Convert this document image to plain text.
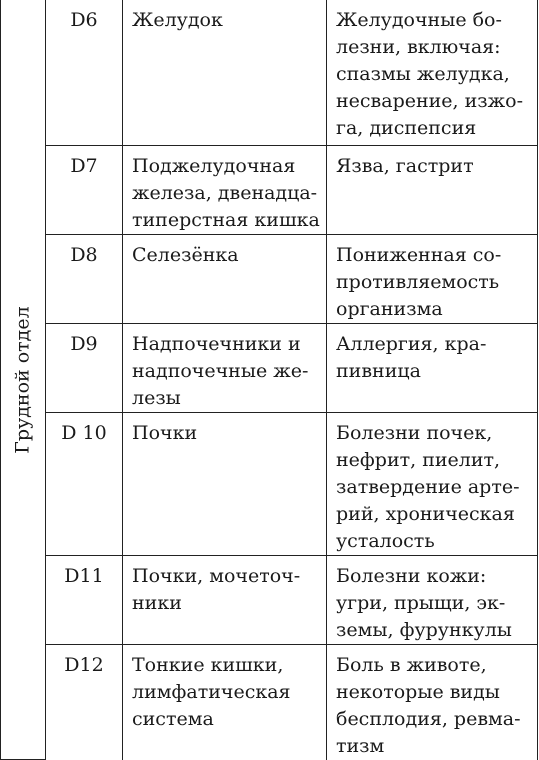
Грудной отдел	D6	Желудок	Желудочные бо-
лезни, включая:
спазмы желудка,
несварение, изжо-
га, диспепсия
	D7	Поджелудочная
железа, двенадца-
типерстная кишка	Язва, гастрит
	D8	Селезёнка	Пониженная со-
противляемость
организма
	D9	Надпочечники и
надпочечные же-
лезы	Аллергия, кра-
пивница
	D 10	Почки	Болезни почек,
нефрит, пиелит,
затвердение арте-
рий, хроническая
усталость
	D11	Почки, мочеточ-
ники	Болезни кожи:
угри, прыщи, эк-
земы, фурункулы
	D12	Тонкие кишки,
лимфатическая
система	Боль в животе,
некоторые виды
бесплодия, ревма-
тизм
